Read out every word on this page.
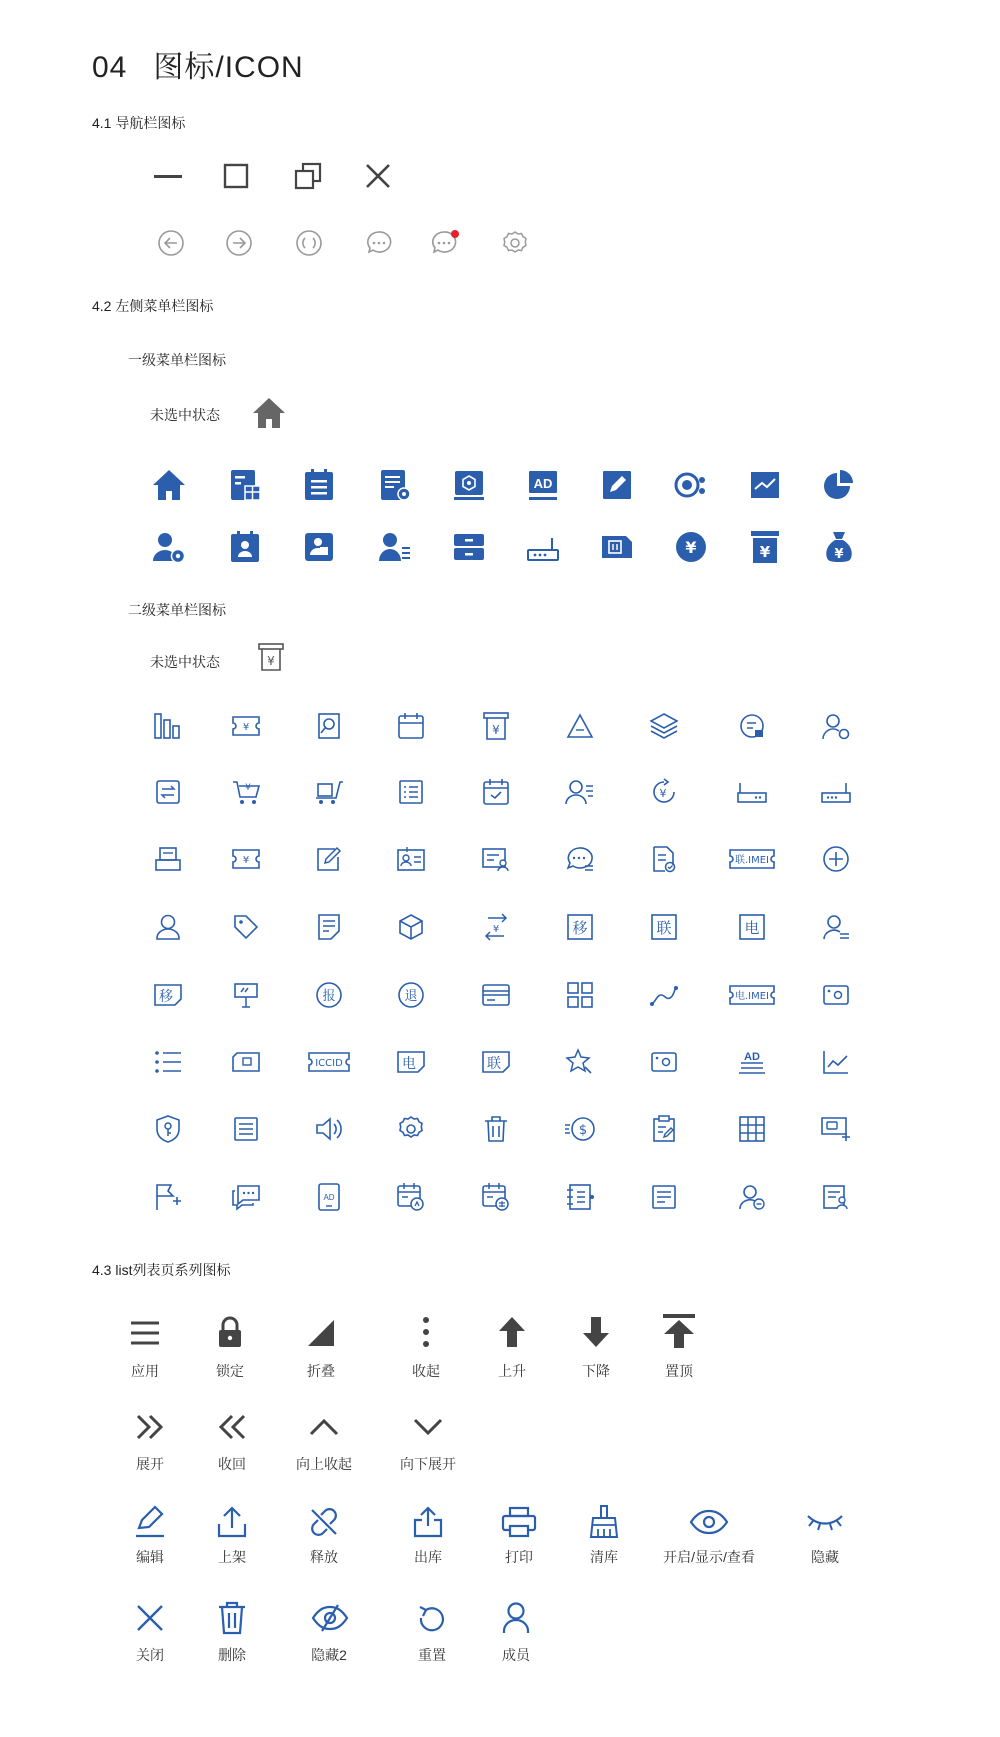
04 图标/ICON
4.1 导航栏图标
4.2 左侧菜单栏图标
一级菜单栏图标
未选中状态
AD
¥	¥	¥
二级菜单栏图标
未选中状态	¥
¥	¥
¥	¥
¥	联.IMEI
¥	移	联	电
移	报	退	电.IMEI
ICCID	电	联	AD
$
AD
4.3 list列表页系列图标
应用	锁定	折叠	收起	上升	下降	置顶
展开	收回	向上收起	向下展开
编辑	上架	释放	出库	打印	清库	开启/显示/查看	隐藏
关闭	删除	隐藏2	重置	成员
